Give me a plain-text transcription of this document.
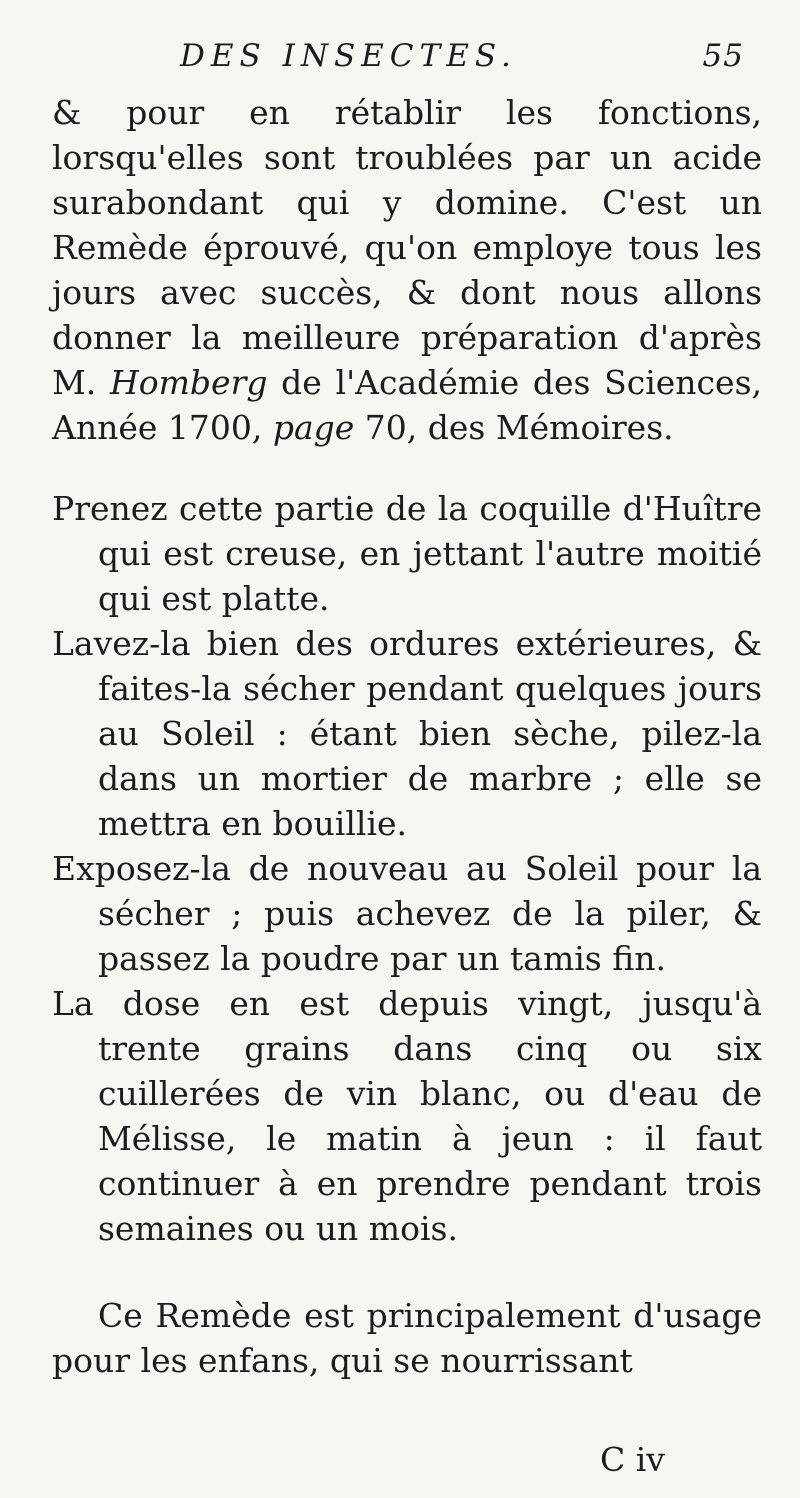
DES INSECTES.	55

& pour en rétablir les fonctions, lorsqu'elles sont troublées par un acide surabondant qui y domine. C'est un Remède éprouvé, qu'on employe tous les jours avec succès, & dont nous allons donner la meilleure préparation d'après M. Homberg de l'Académie des Sciences, Année 1700, page 70, des Mémoires.

Prenez cette partie de la coquille d'Huître qui est creuse, en jettant l'autre moitié qui est platte.

Lavez-la bien des ordures extérieures, & faites-la sécher pendant quelques jours au Soleil : étant bien sèche, pilez-la dans un mortier de marbre ; elle se mettra en bouillie.

Exposez-la de nouveau au Soleil pour la sécher ; puis achevez de la piler, & passez la poudre par un tamis fin.

La dose en est depuis vingt, jusqu'à trente grains dans cinq ou six cuillerées de vin blanc, ou d'eau de Mélisse, le matin à jeun : il faut continuer à en prendre pendant trois semaines ou un mois.

Ce Remède est principalement d'usage pour les enfans, qui se nourrissant

C iv
